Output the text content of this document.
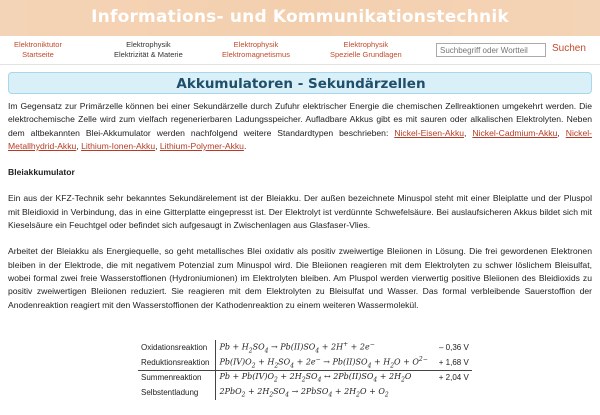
Informations- und Kommunikationstechnik
Elektroniktutor
Startseite
Elektrophysik
Elektrizität & Materie
Elektrophysik
Elektromagnetismus
Elektrophysik
Spezielle Grundlagen
Suchbegriff oder Wortteil	Suchen
Akkumulatoren - Sekundärzellen

Im Gegensatz zur Primärzelle können bei einer Sekundärzelle durch Zufuhr elektrischer Energie die chemischen Zellreaktionen umgekehrt werden. Die elektrochemische Zelle wird zum vielfach regenerierbaren Ladungsspeicher. Aufladbare Akkus gibt es mit sauren oder alkalischen Elektrolyten. Neben dem altbekannten Blei-Akkumulator werden nachfolgend weitere Standardtypen beschrieben: Nickel-Eisen-Akku, Nickel-Cadmium-Akku, Nickel-Metallhydrid-Akku, Lithium-Ionen-Akku, Lithium-Polymer-Akku.

Bleiakkumulator

Ein aus der KFZ-Technik sehr bekanntes Sekundärelement ist der Bleiakku. Der außen bezeichnete Minuspol steht mit einer Bleiplatte und der Pluspol mit Bleidioxid in Verbindung, das in eine Gitterplatte eingepresst ist. Der Elektrolyt ist verdünnte Schwefelsäure. Bei auslaufsicheren Akkus bildet sich mit Kieselsäure ein Feuchtgel oder befindet sich aufgesaugt in Zwischenlagen aus Glasfaser-Vlies.

Arbeitet der Bleiakku als Energiequelle, so geht metallisches Blei oxidativ als positiv zweiwertige Bleiionen in Lösung. Die frei gewordenen Elektronen bleiben in der Elektrode, die mit negativem Potenzial zum Minuspol wird. Die Bleiionen reagieren mit dem Elektrolyten zu schwer löslichem Bleisulfat, wobei formal zwei freie Wasserstoffionen (Hydroniumionen) im Elektrolyten bleiben. Am Pluspol werden vierwertig positive Bleiionen des Bleidioxids zu positiv zweiwertigen Bleiionen reduziert. Sie reagieren mit dem Elektrolyten zu Bleisulfat und Wasser. Das formal verbleibende Sauerstoffion der Anodenreaktion reagiert mit den Wasserstoffionen der Kathodenreaktion zu einem weiteren Wassermolekül.

Oxidationsreaktion	$Pb + H_2SO_4 \to Pb(II)SO_4 + 2H^+ + 2e^-$	– 0,36 V
Reduktionsreaktion	$Pb(IV)O_2 + H_2SO_4 + 2e^- \to Pb(II)SO_4 + H_2O + O^{2-}$	+ 1,68 V
Summenreaktion	$Pb + Pb(IV)O_2 + 2H_2SO_4$ ↔ $2Pb(II)SO_4 + 2H_2O$	+ 2,04 V
Selbstentladung	$2PbO_2 + 2H_2SO_4$ → 2PbSO$_4$ + $2H_2O + O_2$	
